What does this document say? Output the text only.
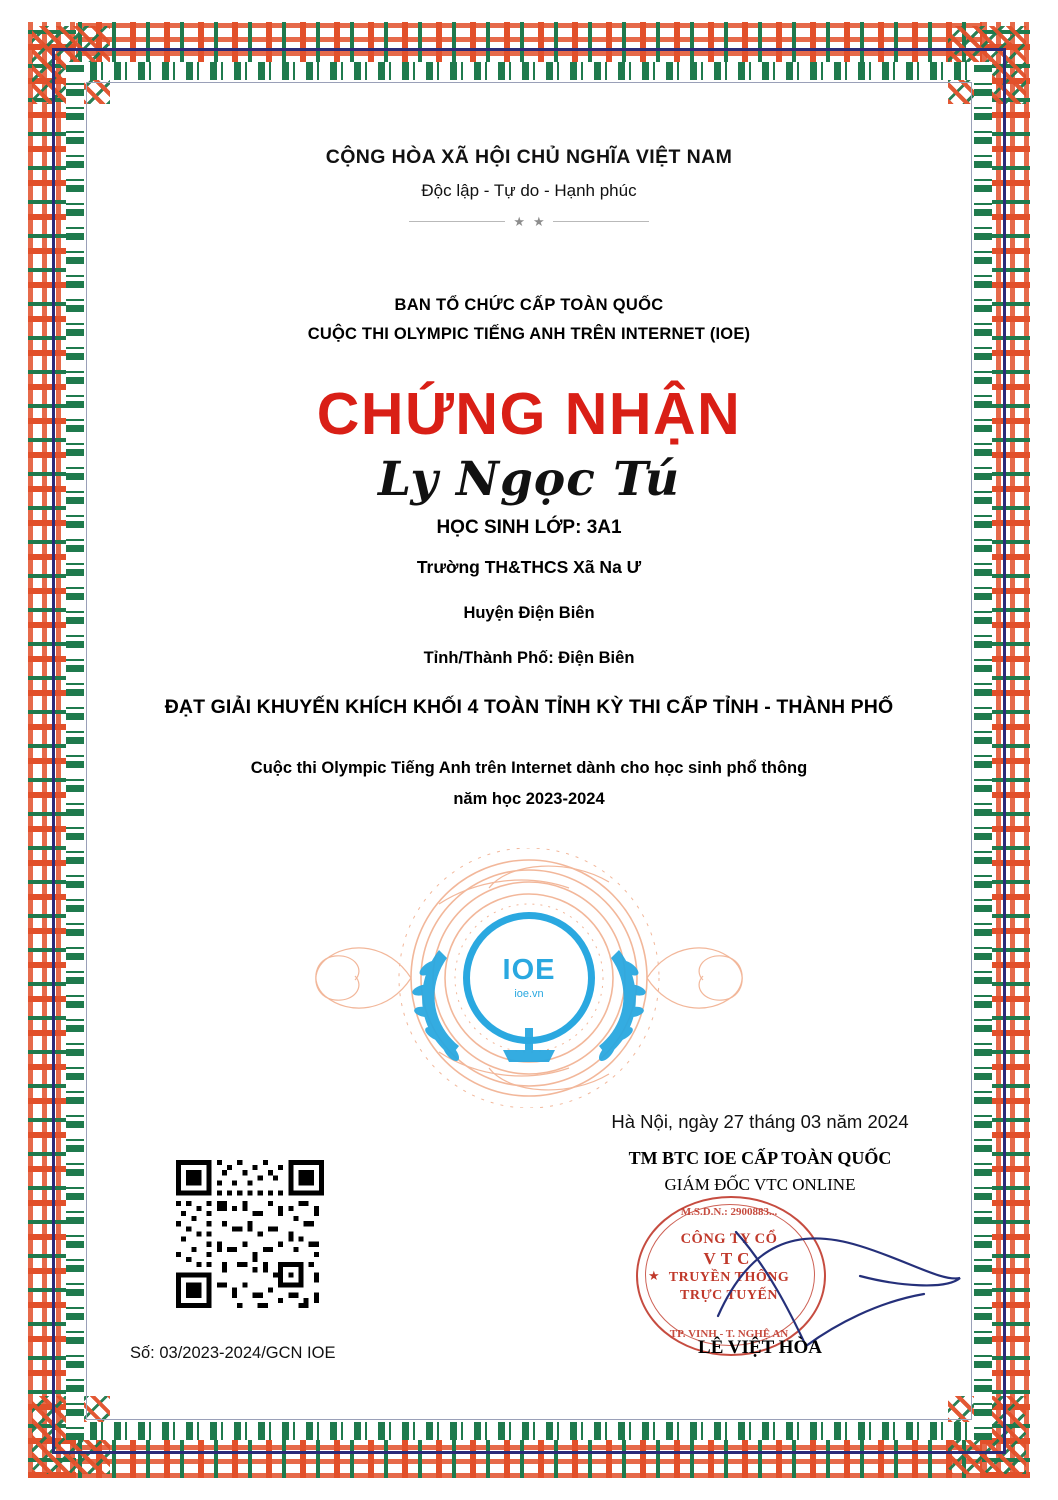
CỘNG HÒA XÃ HỘI CHỦ NGHĨA VIỆT NAM
Độc lập - Tự do - Hạnh phúc
★ ★
BAN TỔ CHỨC CẤP TOÀN QUỐC
CUỘC THI OLYMPIC TIẾNG ANH TRÊN INTERNET (IOE)
CHỨNG NHẬN
Ly Ngọc Tú
HỌC SINH LỚP: 3A1
Trường TH&THCS Xã Na Ư
Huyện Điện Biên
Tỉnh/Thành Phố: Điện Biên
ĐẠT GIẢI KHUYẾN KHÍCH KHỐI 4 TOÀN TỈNH KỲ THI CẤP TỈNH - THÀNH PHỐ
Cuộc thi Olympic Tiếng Anh trên Internet dành cho học sinh phổ thông
năm học 2023-2024
IOE
ioe.vn
Hà Nội, ngày 27 tháng 03 năm 2024
TM BTC IOE CẤP TOÀN QUỐC
GIÁM ĐỐC VTC ONLINE
M.S.D.N.: 2900883...
★
CÔNG TY CỔ
VTC
TRUYỀN THÔNG
TRỰC TUYẾN
TP. VINH - T. NGHỆ AN
LÊ VIỆT HÒA
Số: 03/2023-2024/GCN IOE
